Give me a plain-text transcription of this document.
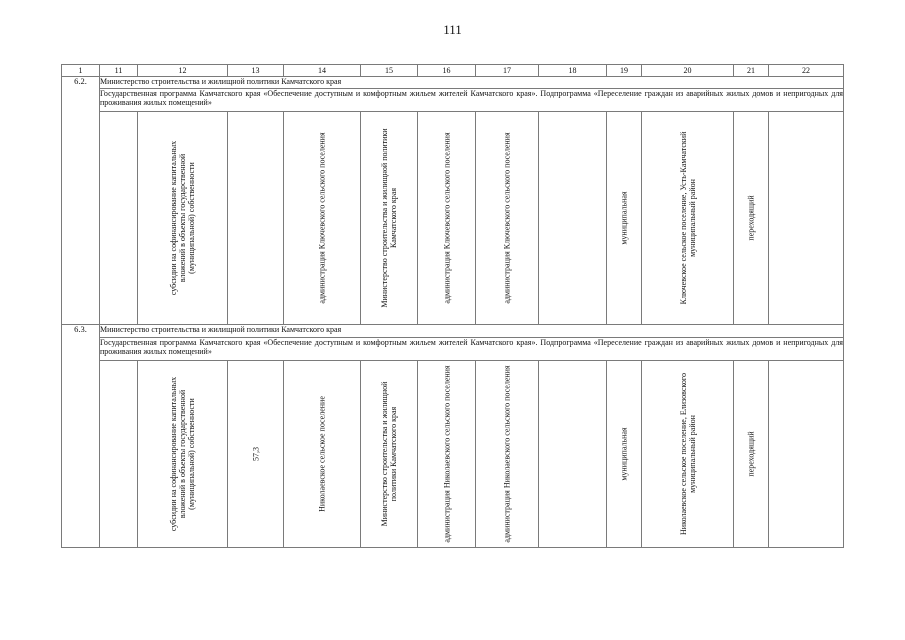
111
1	11	12	13	14	15	16	17	18	19	20	21	22
6.2.	Министерство строительства и жилищной политики Камчатского края											
	Государственная программа Камчатского края «Обеспечение доступным и комфортным жильем жителей Камчатского края». Подпрограмма «Переселение граждан из аварийных жилых домов и непригодных для проживания жилых помещений»											

		субсидии на софинансирование капитальных вложений в объекты государственной (муниципальной) собственности		администрация Ключевского сельского поселения	Министерство строительства и жилищной политики Камчатского края	администрация Ключевского сельского поселения	администрация Ключевского сельского поселения		муниципальная	Ключевское сельское поселение, Усть-Камчатский муниципальный район	переходящий	

6.3.	Министерство строительства и жилищной политики Камчатского края											
	Государственная программа Камчатского края «Обеспечение доступным и комфортным жильем жителей Камчатского края». Подпрограмма «Переселение граждан из аварийных жилых домов и непригодных для проживания жилых помещений»											

		субсидии на софинансирование капитальных вложений в объекты государственной (муниципальной) собственности	57,3	Николаевское сельское поселение	Министерство строительства и жилищной политики Камчатского края	администрация Николаевского сельского поселения	администрация Николаевского сельского поселения		муниципальная	Николаевское сельское поселение, Елизовского муниципальный район	переходящий	
